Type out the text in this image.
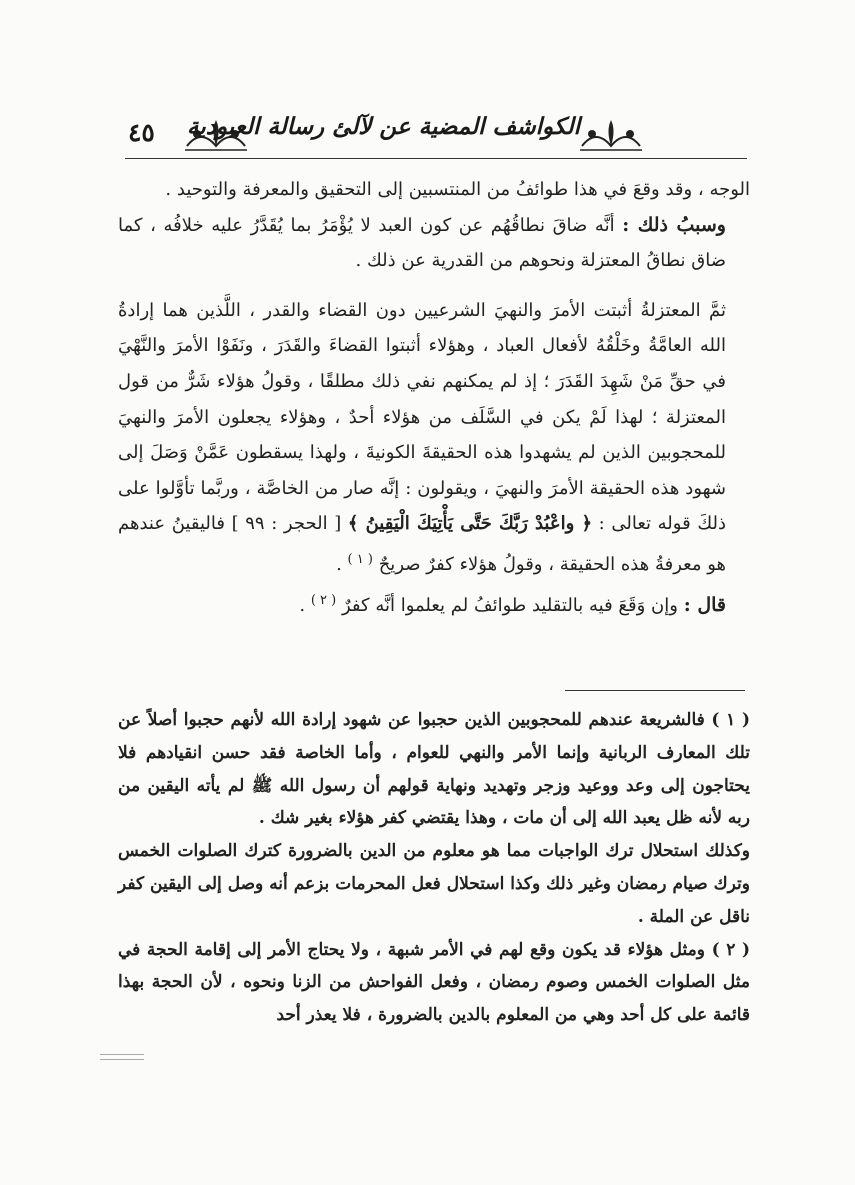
٤٥ الكواشف المضية عن لآلئ رسالة العبودية

الوجه ، وقد وقعَ في هذا طوائفُ من المنتسبين إلى التحقيق والمعرفة والتوحيد .

وسببُ ذلك : أنَّه ضاقَ نطاقُهُم عن كون العبد لا يُؤْمَرُ بما يُقَدَّرُ عليه خلافُه ، كما ضاق نطاقُ المعتزلة ونحوهم من القدرية عن ذلك .

ثمَّ المعتزلةُ أثبتت الأمرَ والنهيَ الشرعيين دون القضاء والقدر ، اللَّذين هما إرادةُ الله العامَّةُ وخَلْقُهُ لأفعال العباد ، وهؤلاء أثبتوا القضاءَ والقَدَرَ ، ونَفَوْا الأمرَ والنَّهْيَ في حقِّ مَنْ شَهِدَ القَدَرَ ؛ إذ لم يمكنهم نفي ذلك مطلقًا ، وقولُ هؤلاء شَرٌّ من قول المعتزلة ؛ لهذا لَمْ يكن في السَّلَف من هؤلاء أحدٌ ، وهؤلاء يجعلون الأمرَ والنهيَ للمحجوبين الذين لم يشهدوا هذه الحقيقةَ الكونيةَ ، ولهذا يسقطون عَمَّنْ وَصَلَ إلى شهود هذه الحقيقة الأمرَ والنهيَ ، ويقولون : إنَّه صار من الخاصَّة ، وربَّما تأوَّلوا على ذلكَ قوله تعالى : ﴿ واعْبُدْ رَبَّكَ حَتَّى يَأْتِيَكَ الْيَقِينُ ﴾ [ الحجر : ٩٩ ] فاليقينُ عندهم هو معرفةُ هذه الحقيقة ، وقولُ هؤلاء كفرٌ صريحٌ $^{( ١ )}$ .

قال : وإن وَقَعَ فيه بالتقليد طوائفُ لم يعلموا أنَّه كفرٌ $^{( ٢ )}$ .

( ١ ) فالشريعة عندهم للمحجوبين الذين حجبوا عن شهود إرادة الله لأنهم حجبوا أصلاً عن تلك المعارف الربانية وإنما الأمر والنهي للعوام ، وأما الخاصة فقد حسن انقيادهم فلا يحتاجون إلى وعد ووعيد وزجر وتهديد ونهاية قولهم أن رسول الله ﷺ لم يأته اليقين من ربه لأنه ظل يعبد الله إلى أن مات ، وهذا يقتضي كفر هؤلاء بغير شك .

وكذلك استحلال ترك الواجبات مما هو معلوم من الدين بالضرورة كترك الصلوات الخمس وترك صيام رمضان وغير ذلك وكذا استحلال فعل المحرمات بزعم أنه وصل إلى اليقين كفر ناقل عن الملة .

( ٢ ) ومثل هؤلاء قد يكون وقع لهم في الأمر شبهة ، ولا يحتاج الأمر إلى إقامة الحجة في مثل الصلوات الخمس وصوم رمضان ، وفعل الفواحش من الزنا ونحوه ، لأن الحجة بهذا قائمة على كل أحد وهي من المعلوم بالدين بالضرورة ، فلا يعذر أحد
